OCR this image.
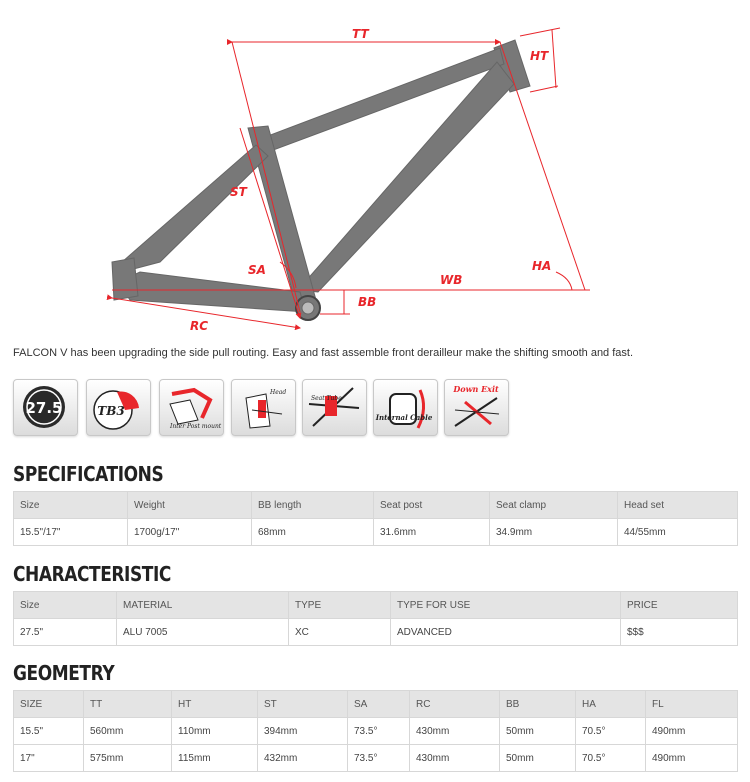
TT
HT
ST
SA
WB
HA
BB
RC
FALCON V has been upgrading the side pull routing. Easy and fast assemble front derailleur make the shifting smooth and fast.
27.5	TB3
Inter Post mount
Head
Seat Tube
Internal Cable
Down Exit
SPECIFICATIONS
Size	Weight	BB length	Seat post	Seat clamp	Head set
15.5"/17"	1700g/17"	68mm	31.6mm	34.9mm	44/55mm
CHARACTERISTIC
Size	MATERIAL	TYPE	TYPE FOR USE	PRICE
27.5"	ALU 7005	XC	ADVANCED	$$$
GEOMETRY
SIZE	TT	HT	ST	SA	RC	BB	HA	FL
15.5"	560mm	110mm	394mm	73.5°	430mm	50mm	70.5°	490mm
17"	575mm	115mm	432mm	73.5°	430mm	50mm	70.5°	490mm
